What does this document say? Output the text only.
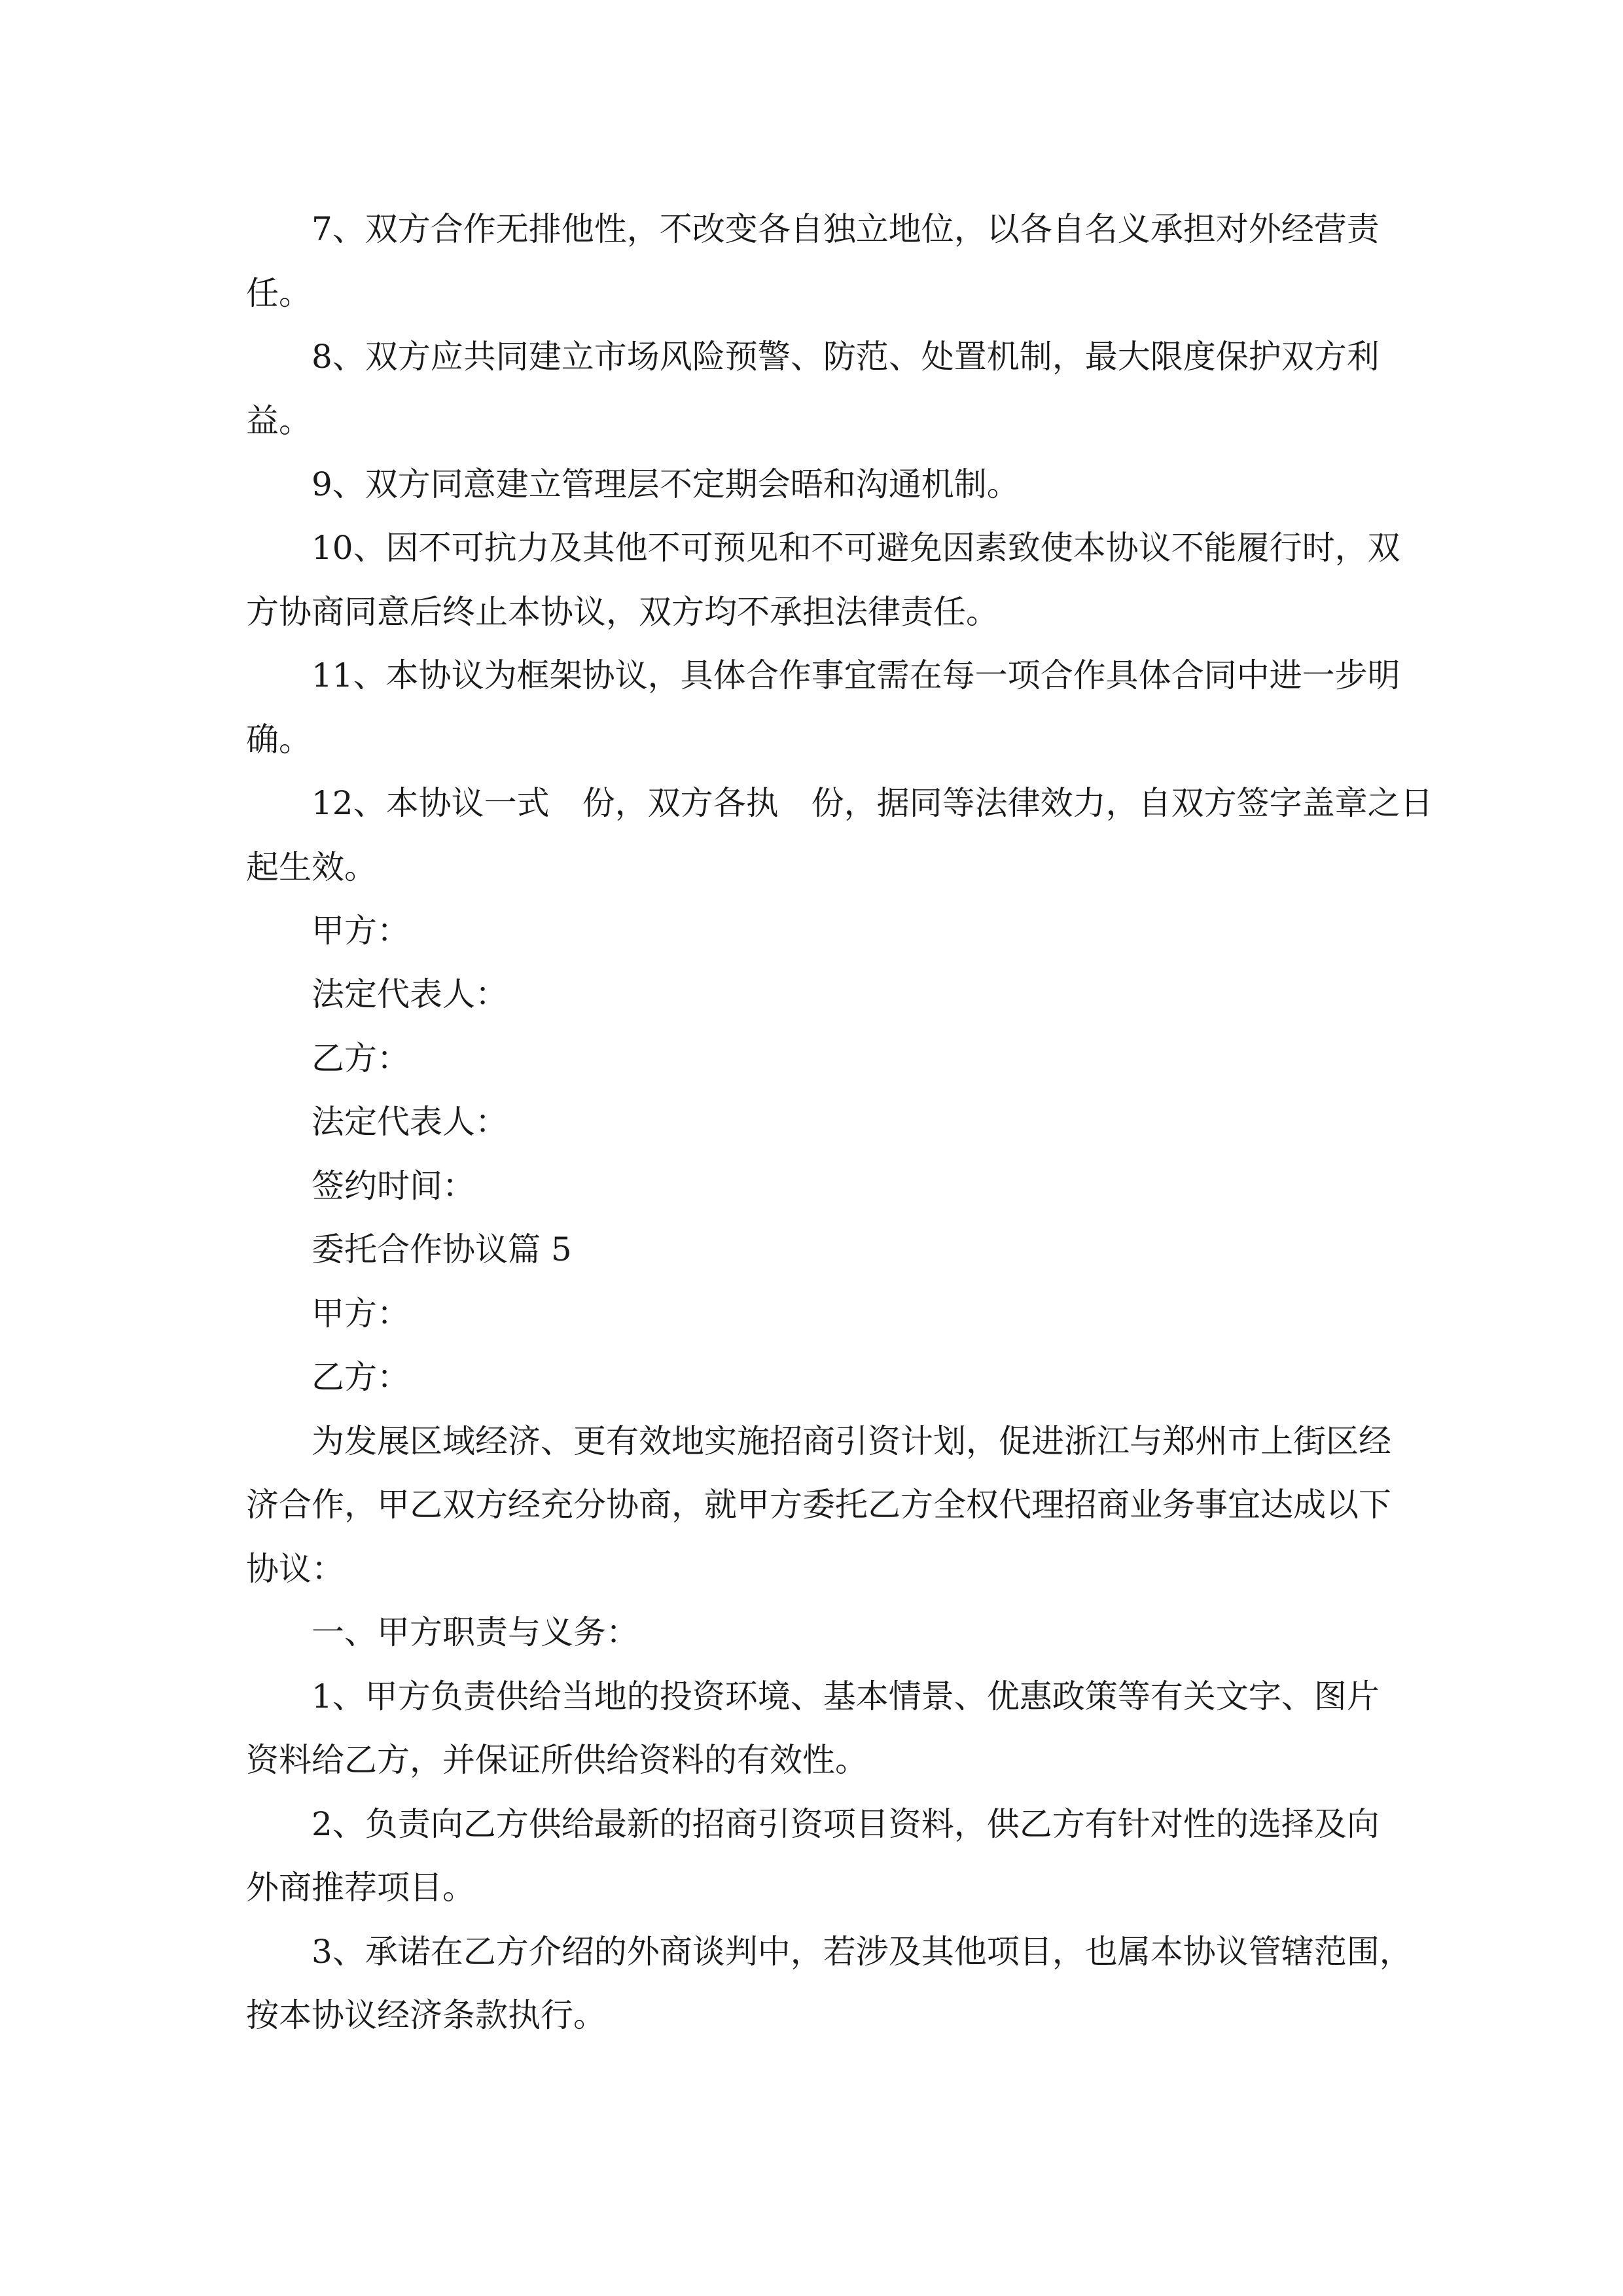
7、双方合作无排他性，不改变各自独立地位，以各自名义承担对外经营责

任。

8、双方应共同建立市场风险预警、防范、处置机制，最大限度保护双方利

益。

9、双方同意建立管理层不定期会晤和沟通机制。

10、因不可抗力及其他不可预见和不可避免因素致使本协议不能履行时，双

方协商同意后终止本协议，双方均不承担法律责任。

11、本协议为框架协议，具体合作事宜需在每一项合作具体合同中进一步明

确。

12、本协议一式　份，双方各执　份，据同等法律效力，自双方签字盖章之日

起生效。

甲方：

法定代表人：

乙方：

法定代表人：

签约时间：

委托合作协议篇 5

甲方：

乙方：

为发展区域经济、更有效地实施招商引资计划，促进浙江与郑州市上街区经

济合作，甲乙双方经充分协商，就甲方委托乙方全权代理招商业务事宜达成以下

协议：

一、甲方职责与义务：

1、甲方负责供给当地的投资环境、基本情景、优惠政策等有关文字、图片

资料给乙方，并保证所供给资料的有效性。

2、负责向乙方供给最新的招商引资项目资料，供乙方有针对性的选择及向

外商推荐项目。

3、承诺在乙方介绍的外商谈判中，若涉及其他项目，也属本协议管辖范围，

按本协议经济条款执行。
